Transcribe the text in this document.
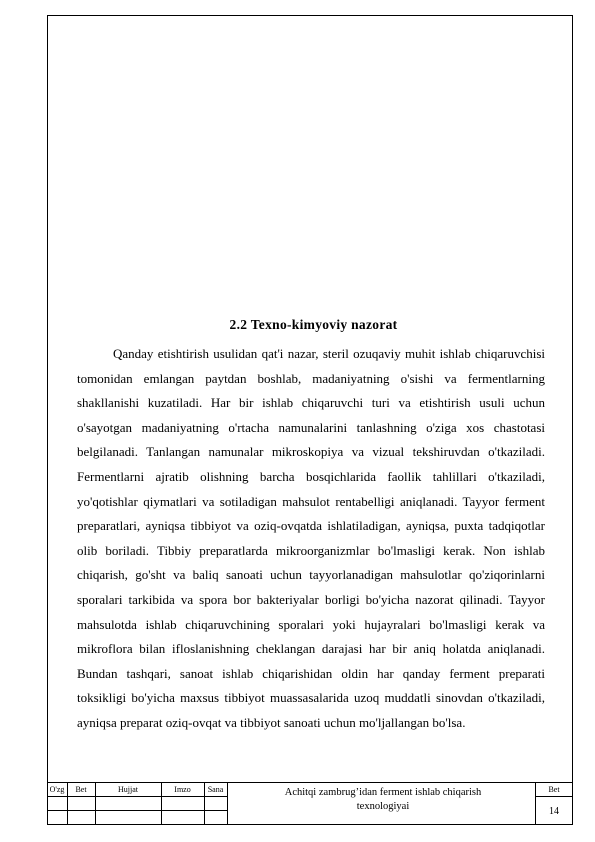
2.2 Texno-kimyoviy nazorat

Qanday etishtirish usulidan qat'i nazar, steril ozuqaviy muhit ishlab chiqaruvchisi tomonidan emlangan paytdan boshlab, madaniyatning o'sishi va fermentlarning shakllanishi kuzatiladi. Har bir ishlab chiqaruvchi turi va etishtirish usuli uchun o'sayotgan madaniyatning o'rtacha namunalarini tanlashning o'ziga xos chastotasi belgilanadi. Tanlangan namunalar mikroskopiya va vizual tekshiruvdan o'tkaziladi. Fermentlarni ajratib olishning barcha bosqichlarida faollik tahlillari o'tkaziladi, yo'qotishlar qiymatlari va sotiladigan mahsulot rentabelligi aniqlanadi. Tayyor ferment preparatlari, ayniqsa tibbiyot va oziq-ovqatda ishlatiladigan, ayniqsa, puxta tadqiqotlar olib boriladi. Tibbiy preparatlarda mikroorganizmlar bo'lmasligi kerak. Non ishlab chiqarish, go'sht va baliq sanoati uchun tayyorlanadigan mahsulotlar qo'ziqorinlarni sporalari tarkibida va spora bor bakteriyalar borligi bo'yicha nazorat qilinadi. Tayyor mahsulotda ishlab chiqaruvchining sporalari yoki hujayralari bo'lmasligi kerak va mikroflora bilan ifloslanishning cheklangan darajasi har bir aniq holatda aniqlanadi. Bundan tashqari, sanoat ishlab chiqarishidan oldin har qanday ferment preparati toksikligi bo'yicha maxsus tibbiyot muassasalarida uzoq muddatli sinovdan o'tkaziladi, ayniqsa preparat oziq-ovqat va tibbiyot sanoati uchun mo'ljallangan bo'lsa.

O'zg	Bet	Hujjat	Imzo	Sana	Achitqi zambrug’idan ferment ishlab chiqarish texnologiyai
Bet
14
